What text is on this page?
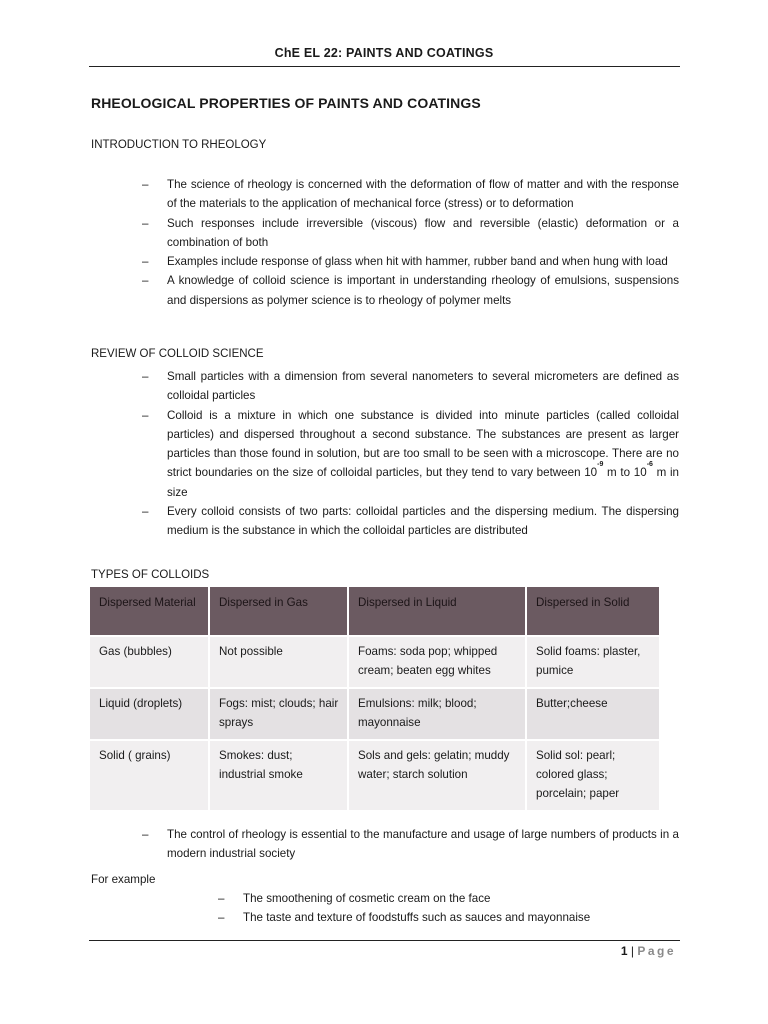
ChE EL 22: PAINTS AND COATINGS
RHEOLOGICAL PROPERTIES OF PAINTS AND COATINGS
INTRODUCTION TO RHEOLOGY
– The science of rheology is concerned with the deformation of flow of matter and with the response of the materials to the application of mechanical force (stress) or to deformation
– Such responses include irreversible (viscous) flow and reversible (elastic) deformation or a combination of both
– Examples include response of glass when hit with hammer, rubber band and when hung with load
– A knowledge of colloid science is important in understanding rheology of emulsions, suspensions and dispersions as polymer science is to rheology of polymer melts
REVIEW OF COLLOID SCIENCE
– Small particles with a dimension from several nanometers to several micrometers are defined as colloidal particles
– Colloid is a mixture in which one substance is divided into minute particles (called colloidal particles) and dispersed throughout a second substance. The substances are present as larger particles than those found in solution, but are too small to be seen with a microscope. There are no strict boundaries on the size of colloidal particles, but they tend to vary between $10^{-9}$ m to $10^{-6}$ m in size
– Every colloid consists of two parts: colloidal particles and the dispersing medium. The dispersing medium is the substance in which the colloidal particles are distributed
TYPES OF COLLOIDS
Dispersed Material	Dispersed in Gas	Dispersed in Liquid	Dispersed in Solid
Gas (bubbles)	Not possible	Foams: soda pop; whipped cream; beaten egg whites	Solid foams: plaster, pumice
Liquid (droplets)	Fogs: mist; clouds; hair sprays	Emulsions: milk; blood; mayonnaise	Butter;cheese
Solid ( grains)	Smokes: dust; industrial smoke	Sols and gels: gelatin; muddy water; starch solution	Solid sol: pearl; colored glass; porcelain; paper
– The control of rheology is essential to the manufacture and usage of large numbers of products in a modern industrial society
For example
– The smoothening of cosmetic cream on the face
– The taste and texture of foodstuffs such as sauces and mayonnaise
1 | Page
